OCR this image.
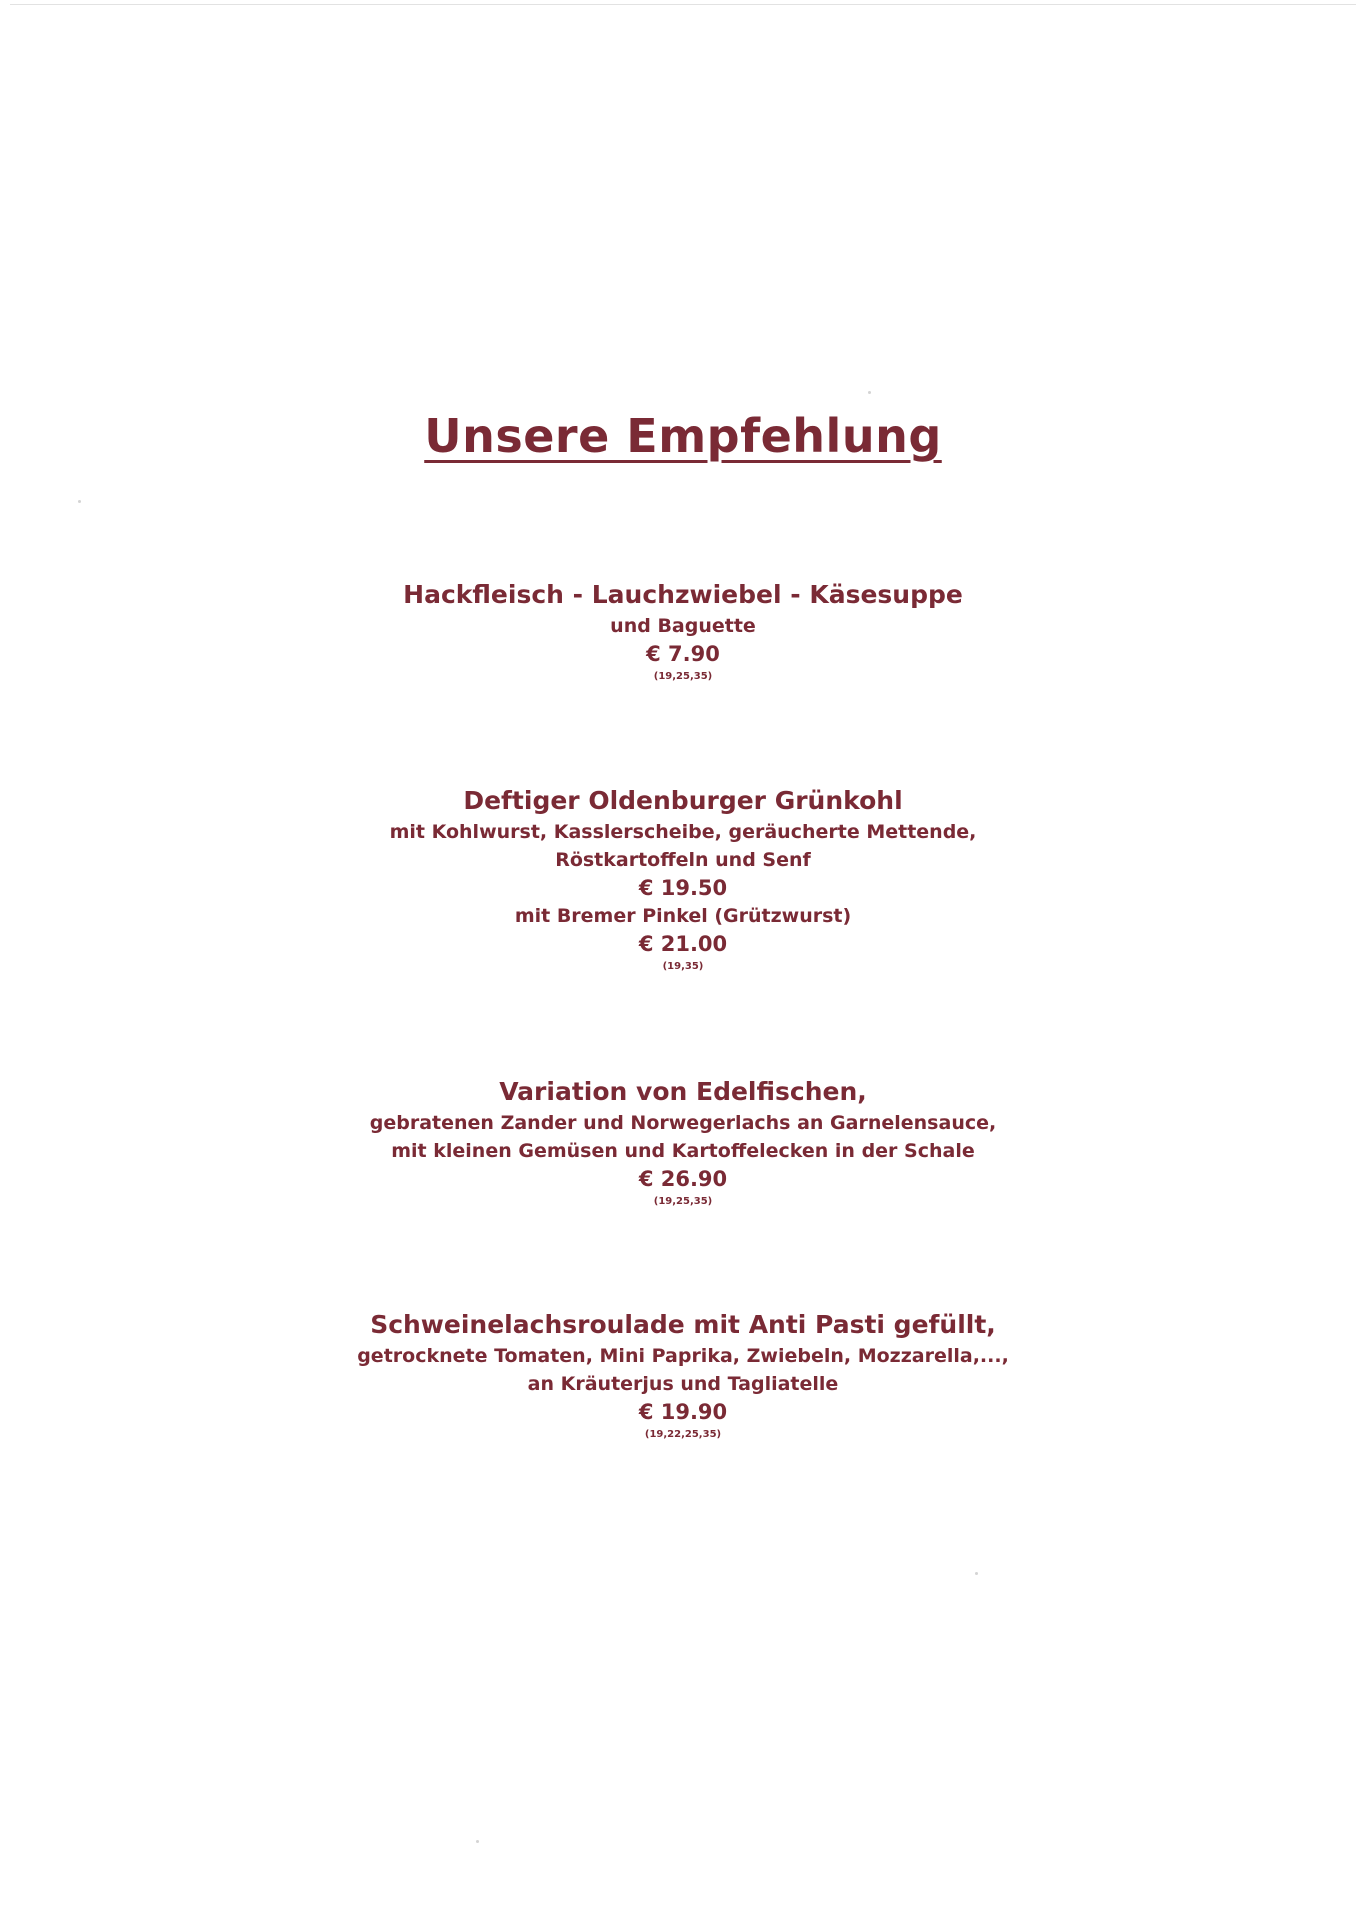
Unsere Empfehlung
Hackfleisch - Lauchzwiebel - Käsesuppe
und Baguette
€ 7.90
(19,25,35)
Deftiger Oldenburger Grünkohl
mit Kohlwurst, Kasslerscheibe, geräucherte Mettende,
Röstkartoffeln und Senf
€ 19.50
mit Bremer Pinkel (Grützwurst)
€ 21.00
(19,35)
Variation von Edelfischen,
gebratenen Zander und Norwegerlachs an Garnelensauce,
mit kleinen Gemüsen und Kartoffelecken in der Schale
€ 26.90
(19,25,35)
Schweinelachsroulade mit Anti Pasti gefüllt,
getrocknete Tomaten, Mini Paprika, Zwiebeln, Mozzarella,...,
an Kräuterjus und Tagliatelle
€ 19.90
(19,22,25,35)
